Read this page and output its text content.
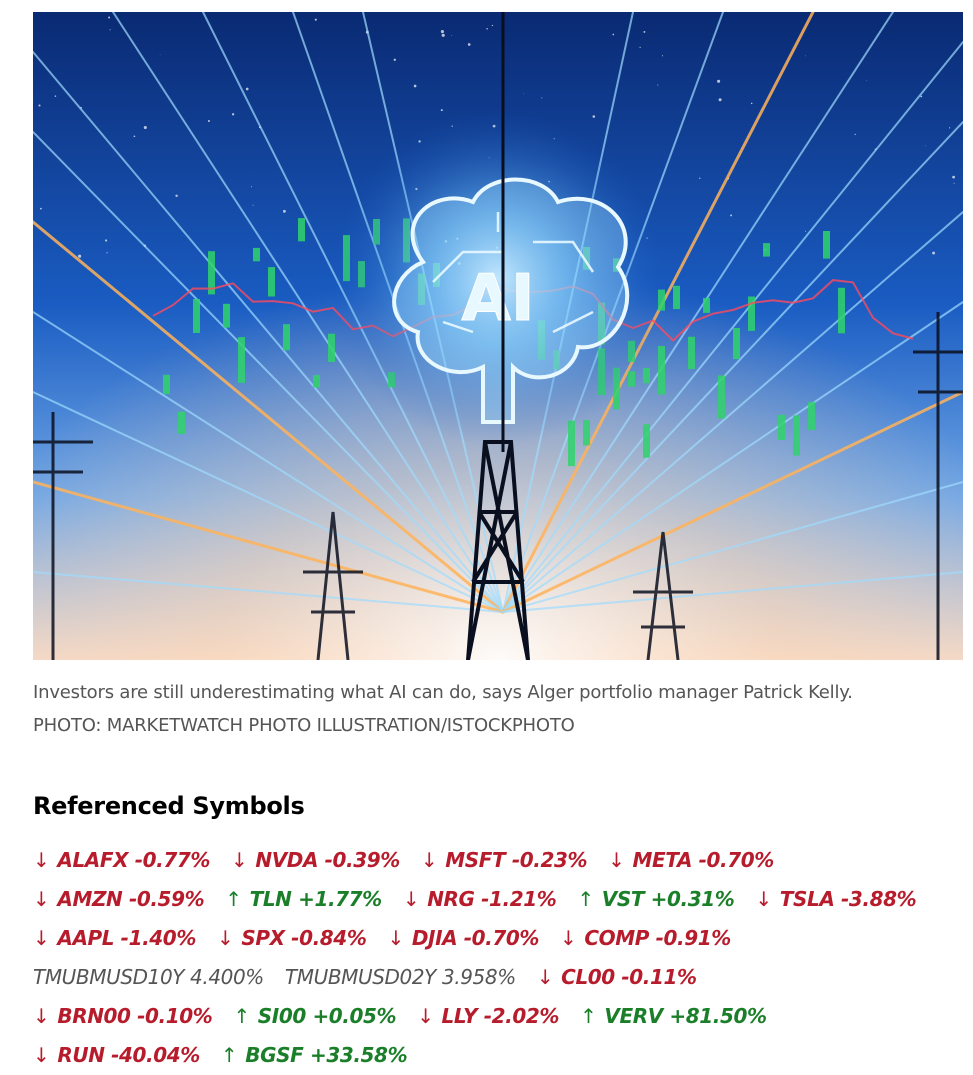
AI
Investors are still underestimating what AI can do, says Alger portfolio manager Patrick Kelly.
PHOTO: MARKETWATCH PHOTO ILLUSTRATION/ISTOCKPHOTO
Referenced Symbols
↓ ALAFX -0.77% ↓ NVDA -0.39% ↓ MSFT -0.23% ↓ META -0.70%
↓ AMZN -0.59% ↑ TLN +1.77% ↓ NRG -1.21% ↑ VST +0.31% ↓ TSLA -3.88%
↓ AAPL -1.40% ↓ SPX -0.84% ↓ DJIA -0.70% ↓ COMP -0.91%
TMUBMUSD10Y 4.400% TMUBMUSD02Y 3.958% ↓ CL00 -0.11%
↓ BRN00 -0.10% ↑ SI00 +0.05% ↓ LLY -2.02% ↑ VERV +81.50%
↓ RUN -40.04% ↑ BGSF +33.58%
